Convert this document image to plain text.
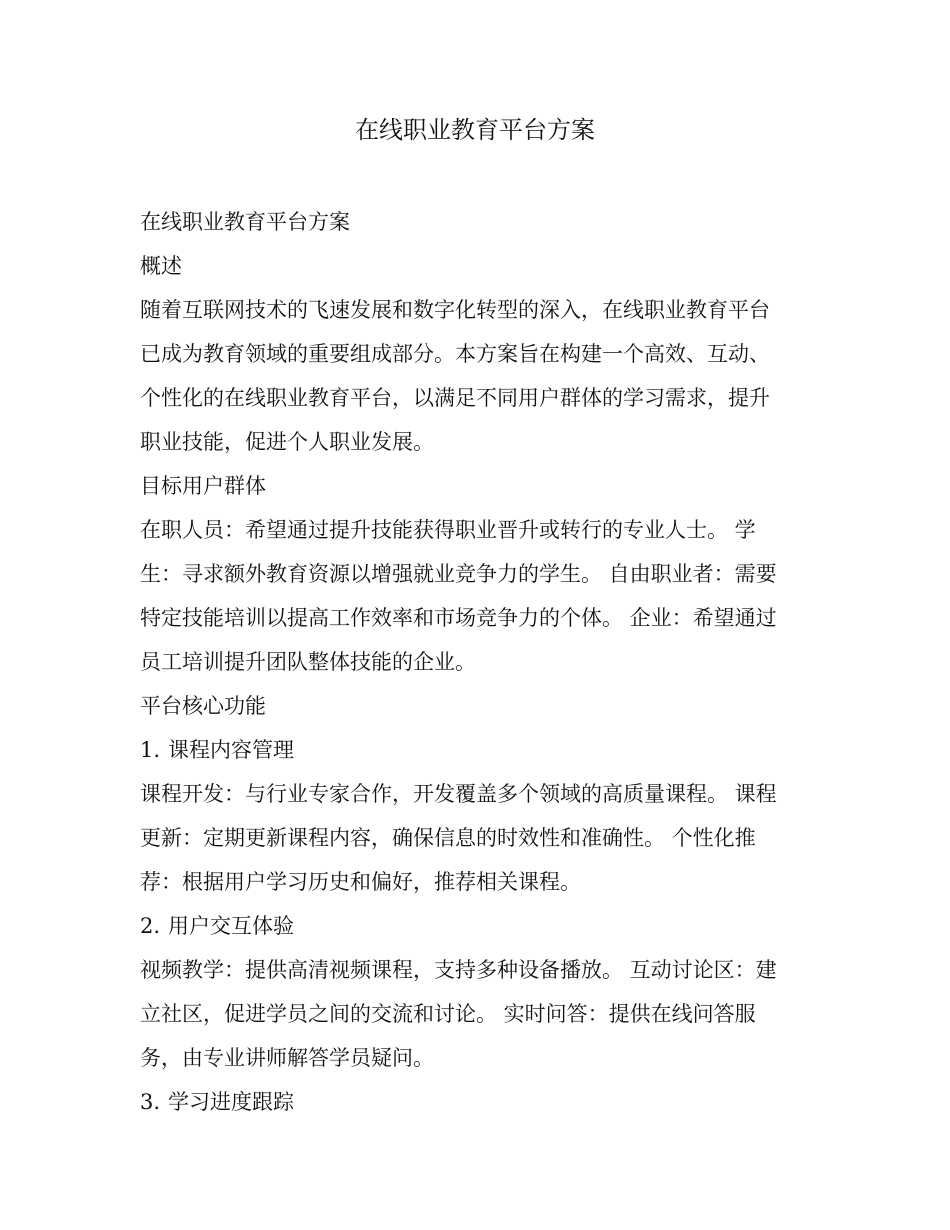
在线职业教育平台方案

在线职业教育平台方案

概述

随着互联网技术的飞速发展和数字化转型的深入，在线职业教育平台

已成为教育领域的重要组成部分。本方案旨在构建一个高效、互动、

个性化的在线职业教育平台，以满足不同用户群体的学习需求，提升

职业技能，促进个人职业发展。

目标用户群体

在职人员：希望通过提升技能获得职业晋升或转行的专业人士。 学

生：寻求额外教育资源以增强就业竞争力的学生。 自由职业者：需要

特定技能培训以提高工作效率和市场竞争力的个体。 企业：希望通过

员工培训提升团队整体技能的企业。

平台核心功能

1. 课程内容管理

课程开发：与行业专家合作，开发覆盖多个领域的高质量课程。 课程

更新：定期更新课程内容，确保信息的时效性和准确性。 个性化推

荐：根据用户学习历史和偏好，推荐相关课程。

2. 用户交互体验

视频教学：提供高清视频课程，支持多种设备播放。 互动讨论区：建

立社区，促进学员之间的交流和讨论。 实时问答：提供在线问答服

务，由专业讲师解答学员疑问。

3. 学习进度跟踪
